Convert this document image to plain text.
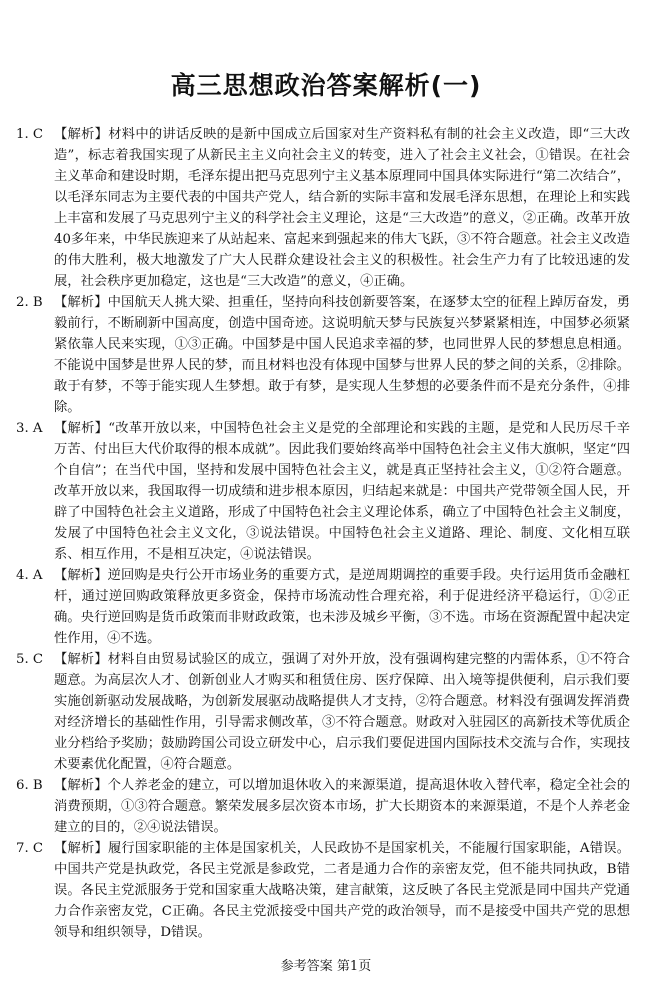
高三思想政治答案解析(一)
1. C 【解析】材料中的讲话反映的是新中国成立后国家对生产资料私有制的社会主义改造，即“三大改造”，标志着我国实现了从新民主主义向社会主义的转变，进入了社会主义社会，①错误。在社会主义革命和建设时期，毛泽东提出把马克思列宁主义基本原理同中国具体实际进行“第二次结合”，以毛泽东同志为主要代表的中国共产党人，结合新的实际丰富和发展毛泽东思想，在理论上和实践上丰富和发展了马克思列宁主义的科学社会主义理论，这是“三大改造”的意义，②正确。改革开放40多年来，中华民族迎来了从站起来、富起来到强起来的伟大飞跃，③不符合题意。社会主义改造的伟大胜利，极大地激发了广大人民群众建设社会主义的积极性。社会生产力有了比较迅速的发展，社会秩序更加稳定，这也是“三大改造”的意义，④正确。

2. B 【解析】中国航天人挑大梁、担重任，坚持向科技创新要答案，在逐梦太空的征程上踔厉奋发，勇毅前行，不断刷新中国高度，创造中国奇迹。这说明航天梦与民族复兴梦紧紧相连，中国梦必须紧紧依靠人民来实现，①③正确。中国梦是中国人民追求幸福的梦，也同世界人民的梦想息息相通。不能说中国梦是世界人民的梦，而且材料也没有体现中国梦与世界人民的梦之间的关系，②排除。敢于有梦，不等于能实现人生梦想。敢于有梦，是实现人生梦想的必要条件而不是充分条件，④排除。

3. A 【解析】“改革开放以来，中国特色社会主义是党的全部理论和实践的主题，是党和人民历尽千辛万苦、付出巨大代价取得的根本成就”。因此我们要始终高举中国特色社会主义伟大旗帜，坚定“四个自信”；在当代中国，坚持和发展中国特色社会主义，就是真正坚持社会主义，①②符合题意。改革开放以来，我国取得一切成绩和进步根本原因，归结起来就是：中国共产党带领全国人民，开辟了中国特色社会主义道路，形成了中国特色社会主义理论体系，确立了中国特色社会主义制度，发展了中国特色社会主义文化，③说法错误。中国特色社会主义道路、理论、制度、文化相互联系、相互作用，不是相互决定，④说法错误。

4. A 【解析】逆回购是央行公开市场业务的重要方式，是逆周期调控的重要手段。央行运用货币金融杠杆，通过逆回购政策释放更多资金，保持市场流动性合理充裕，利于促进经济平稳运行，①②正确。央行逆回购是货币政策而非财政政策，也未涉及城乡平衡，③不选。市场在资源配置中起决定性作用，④不选。

5. C 【解析】材料自由贸易试验区的成立，强调了对外开放，没有强调构建完整的内需体系，①不符合题意。为高层次人才、创新创业人才购买和租赁住房、医疗保障、出入境等提供便利，启示我们要实施创新驱动发展战略，为创新发展驱动战略提供人才支持，②符合题意。材料没有强调发挥消费对经济增长的基础性作用，引导需求侧改革，③不符合题意。财政对入驻园区的高新技术等优质企业分档给予奖励；鼓励跨国公司设立研发中心，启示我们要促进国内国际技术交流与合作，实现技术要素优化配置，④符合题意。

6. B 【解析】个人养老金的建立，可以增加退休收入的来源渠道，提高退休收入替代率，稳定全社会的消费预期，①③符合题意。繁荣发展多层次资本市场，扩大长期资本的来源渠道，不是个人养老金建立的目的，②④说法错误。

7. C 【解析】履行国家职能的主体是国家机关，人民政协不是国家机关，不能履行国家职能，A错误。中国共产党是执政党，各民主党派是参政党，二者是通力合作的亲密友党，但不能共同执政，B错误。各民主党派服务于党和国家重大战略决策，建言献策，这反映了各民主党派是同中国共产党通力合作亲密友党，C正确。各民主党派接受中国共产党的政治领导，而不是接受中国共产党的思想领导和组织领导，D错误。

参考答案 第1页
